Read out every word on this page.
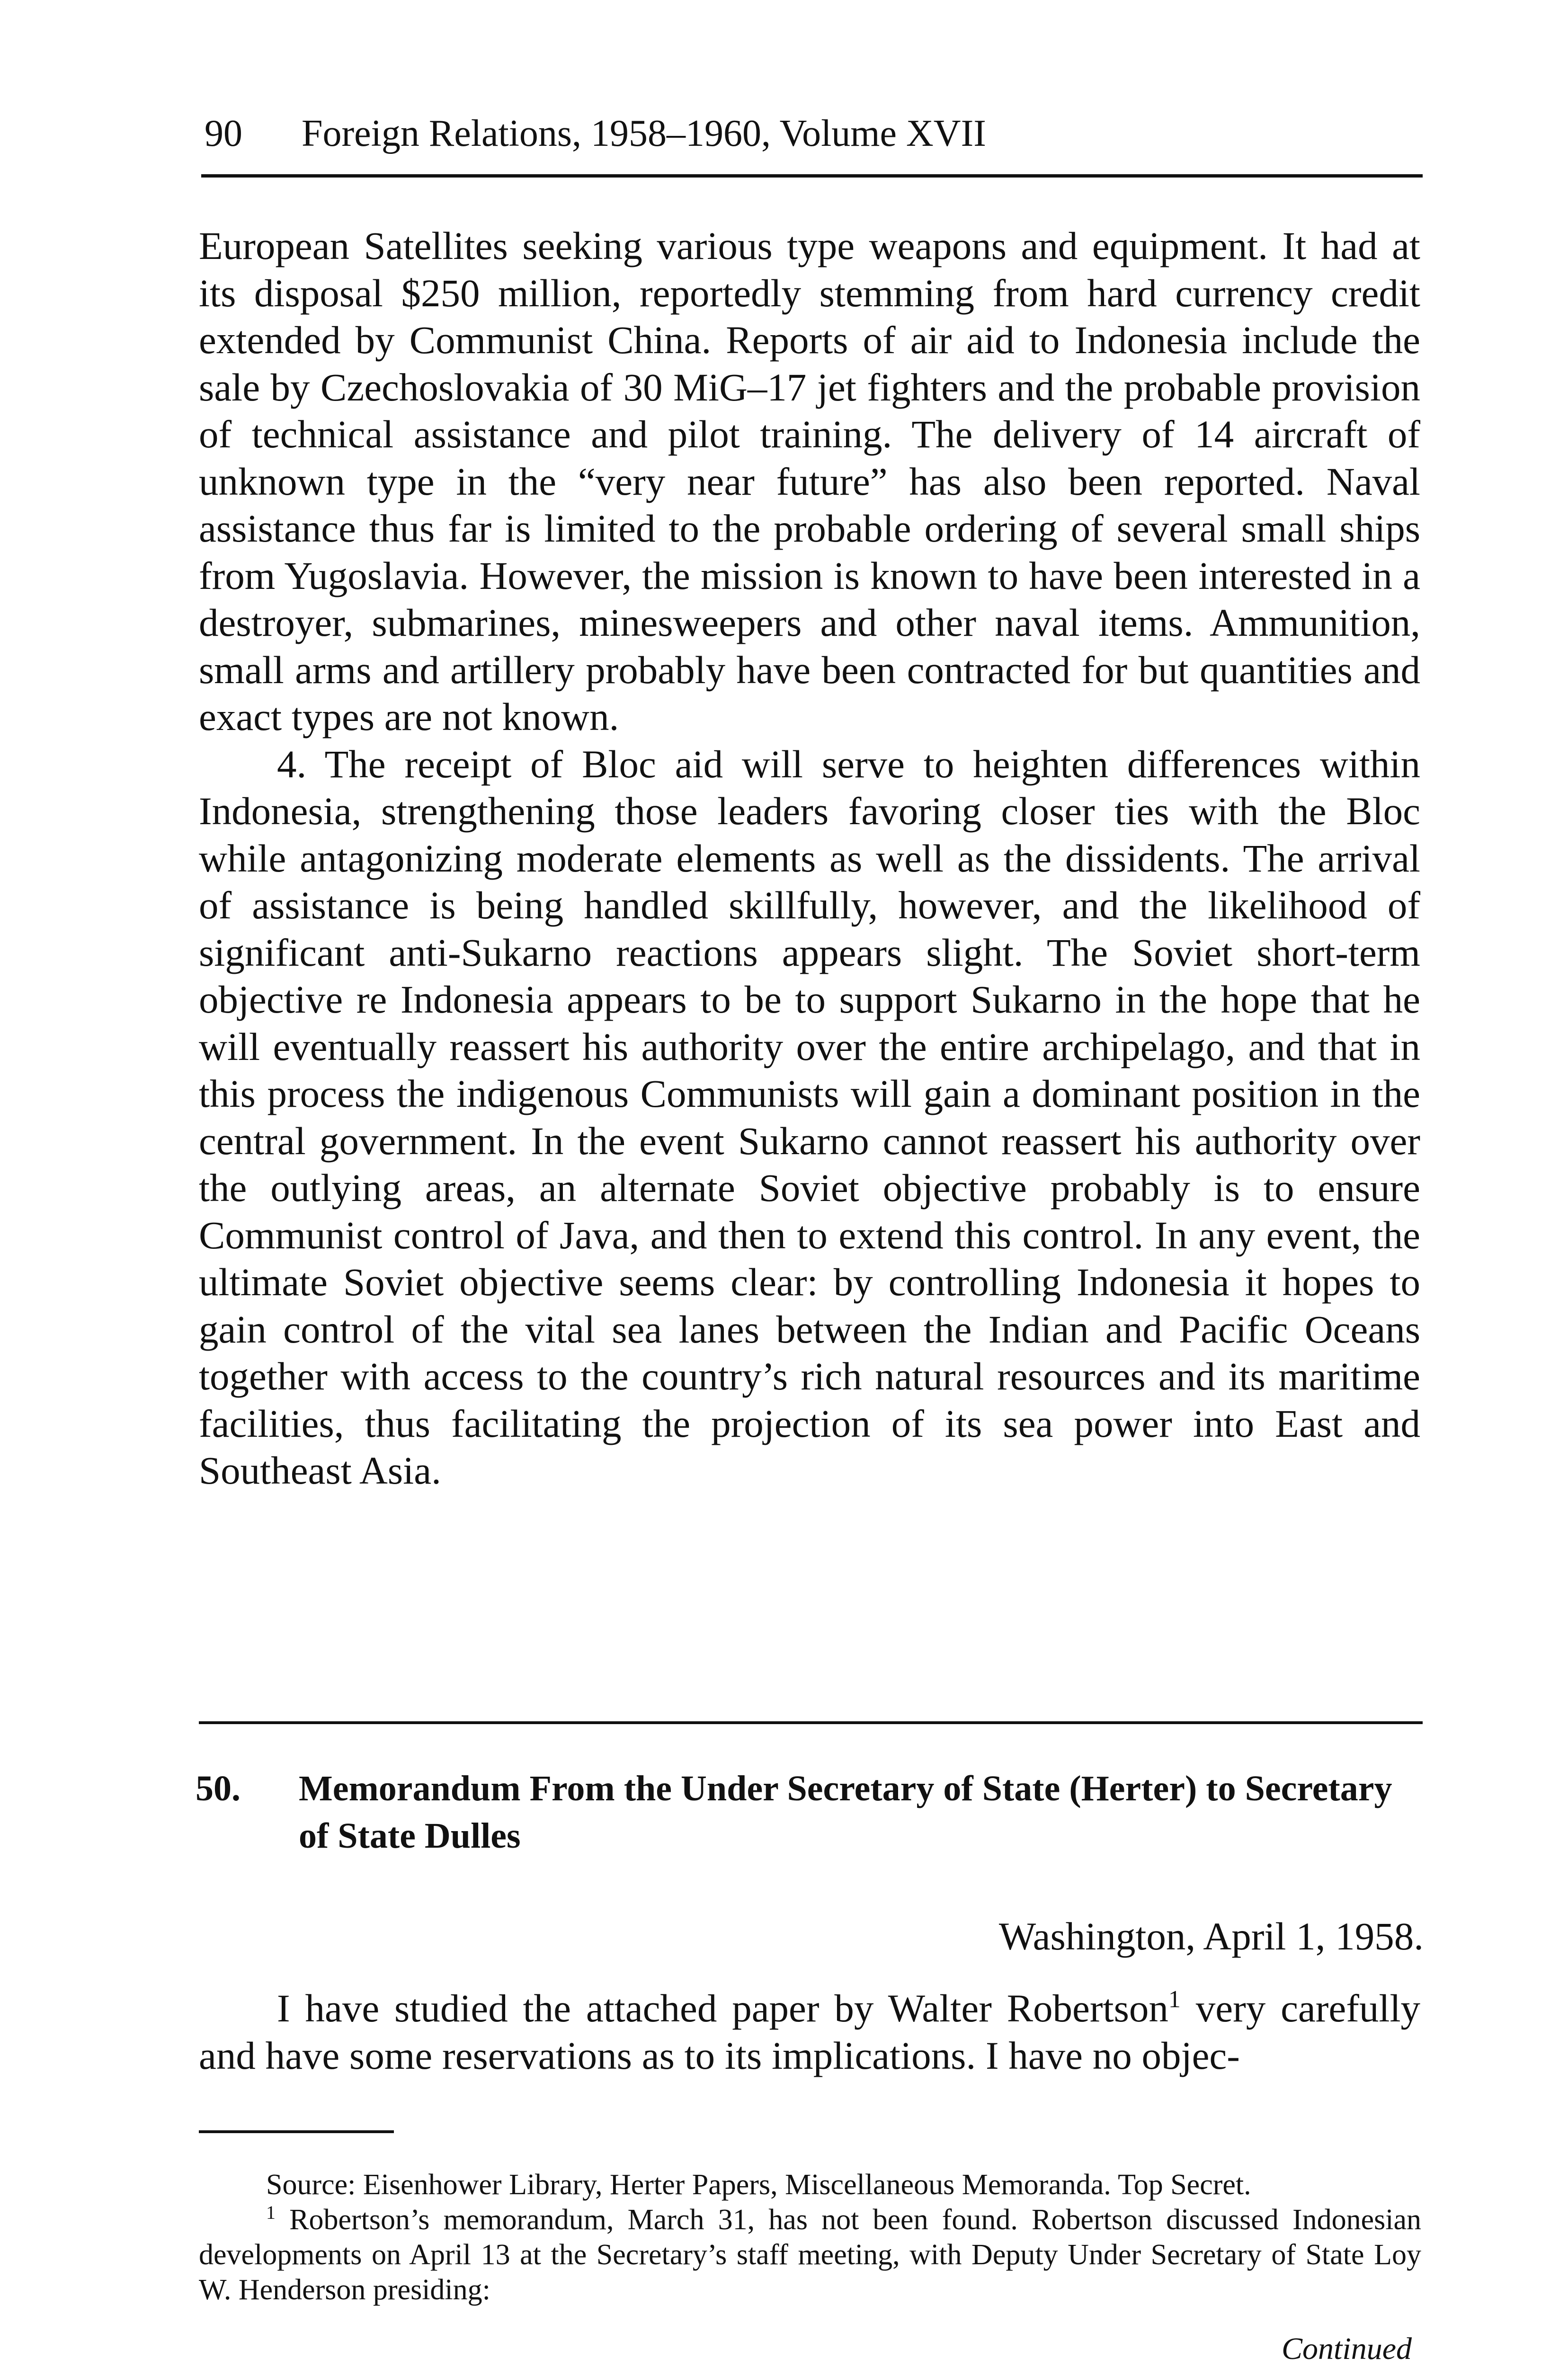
90 Foreign Relations, 1958–1960, Volume XVII

European Satellites seeking various type weapons and equipment. It had at its disposal $250 million, reportedly stemming from hard currency credit extended by Communist China. Reports of air aid to Indonesia include the sale by Czechoslovakia of 30 MiG–17 jet fighters and the probable provision of technical assistance and pilot training. The delivery of 14 aircraft of unknown type in the “very near future” has also been reported. Naval assistance thus far is limited to the probable ordering of several small ships from Yugoslavia. However, the mission is known to have been interested in a destroyer, submarines, minesweepers and other naval items. Ammunition, small arms and artillery probably have been contracted for but quantities and exact types are not known.

4. The receipt of Bloc aid will serve to heighten differences within Indonesia, strengthening those leaders favoring closer ties with the Bloc while antagonizing moderate elements as well as the dissidents. The arrival of assistance is being handled skillfully, however, and the likelihood of significant anti-Sukarno reactions appears slight. The Soviet short-term objective re Indonesia appears to be to support Sukarno in the hope that he will eventually reassert his authority over the entire archipelago, and that in this process the indigenous Communists will gain a dominant position in the central government. In the event Sukarno cannot reassert his authority over the outlying areas, an alternate Soviet objective probably is to ensure Communist control of Java, and then to extend this control. In any event, the ultimate Soviet objective seems clear: by controlling Indonesia it hopes to gain control of the vital sea lanes between the Indian and Pacific Oceans together with access to the country’s rich natural resources and its maritime facilities, thus facilitating the projection of its sea power into East and Southeast Asia.

50. Memorandum From the Under Secretary of State (Herter) to Secretary of State Dulles
Washington, April 1, 1958.

I have studied the attached paper by Walter Robertson$^1$ very carefully and have some reservations as to its implications. I have no objec-

Source: Eisenhower Library, Herter Papers, Miscellaneous Memoranda. Top Secret.

$^1$ Robertson’s memorandum, March 31, has not been found. Robertson discussed Indonesian developments on April 13 at the Secretary’s staff meeting, with Deputy Under Secretary of State Loy W. Henderson presiding:

Continued
